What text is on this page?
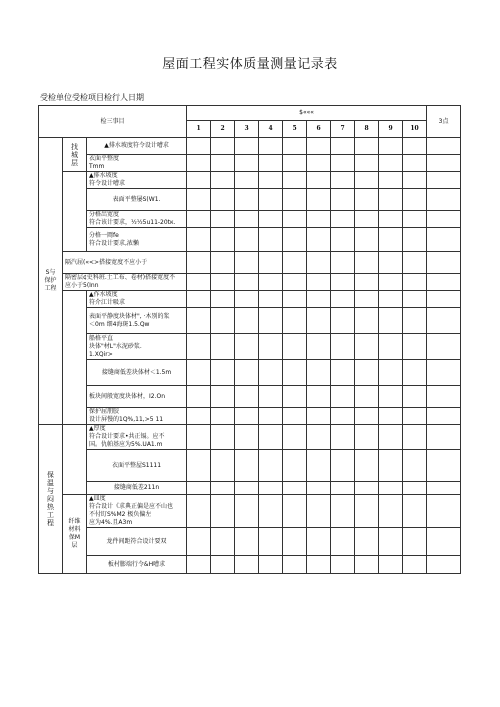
屋面工程实体质量测量记录表
受检单位受检项目检行人日期
检三事目			$«««										3点
			1	2	3	4	5	6	7	8	9	10	

S与
保护
工程	找城层	▲排水坡度符令设计嘈求											

		衣面平整度
Tmm											

		▲排水坡度
符令设计嘈求											

		表面平整屡S(W1.											

		分格岀宽度
符合该计要求，½½5u11-20tк.											

		分格一岡fe
符合设计要求,浓懶											

	隔汽屈(«<>搭接宽度不应小于												

	隔密层¢史科班.土工布、卷材)搭接宽度不
应小于5(Inn												

		▲作水坡度
符介江计吸求											

		表面平静度块体材", ·木别的浆
＜0m 细4海斑1.5.Qw											

		船格平直
块体"材L"水泥砂浆.
1.XQir>											

		接缝商低差块体材＜1.5m											

		板块间般宽度块体材，I2.On											

		保护屈朋胶
设计屏慢的1Q%,11,>5 11											

保温与闷热工程		▲厚度
符合设计要求•共正镉。应不
国。仇帕基应为5%.UA1.m											

		衣面平整屋S1111											

		接缝商低差211n											

	纤维
材料
保M
层	▲皿度
符合设计《求典正偏是应不山也
不付盯S%M2 极负偏左
应为4%.且A3m											

		龙件间距符合设计要双											

		板村膨端行令&H嘈求											
